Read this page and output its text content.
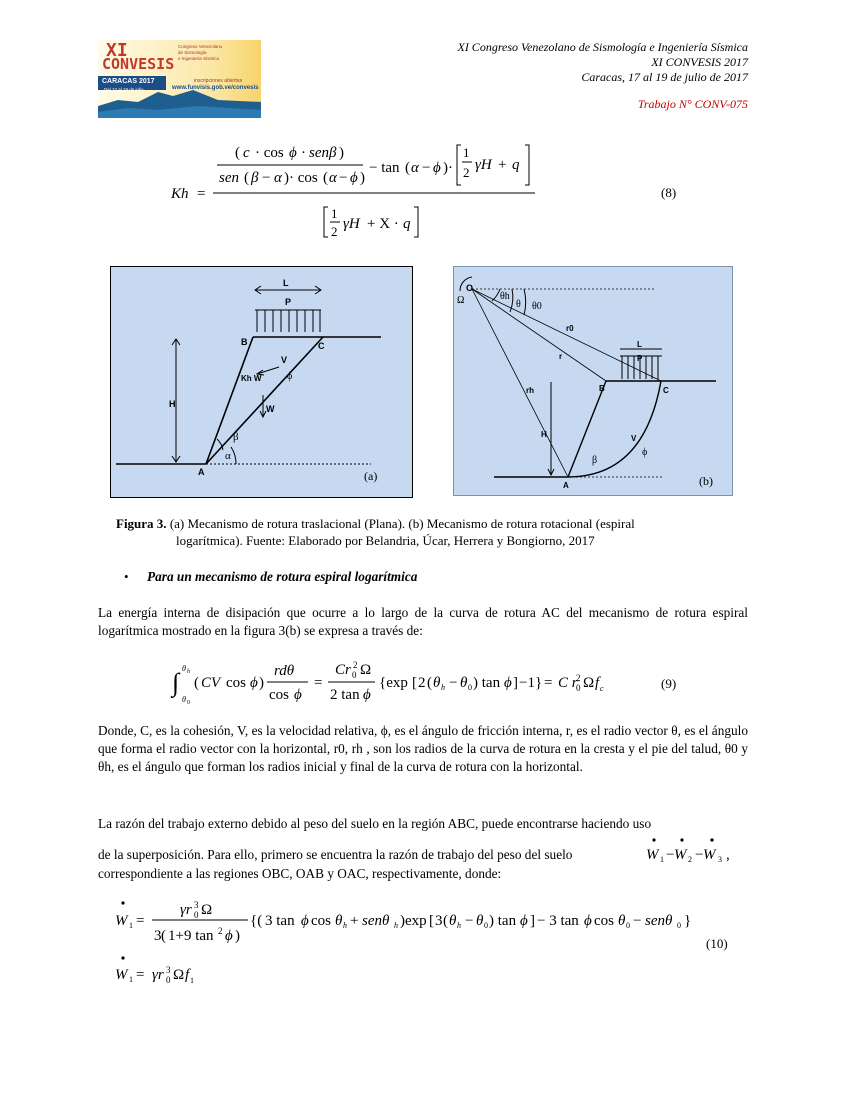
XI
CONVESIS
Congreso Venezolano
de Sismología
e Ingeniería Sísmica
CARACAS 2017
Del 17 al 19 de julio
inscripciones abiertas
www.funvisis.gob.ve/convesis
XI Congreso Venezolano de Sismología e Ingeniería Sísmica
XI CONVESIS 2017
Caracas, 17 al 19 de julio de 2017
Trabajo N° CONV-075
Kh =
( c · cos ϕ · senβ )
sen ( β − α )· cos ( α − ϕ )
− tan ( α − ϕ )·
1
2 γH + q
1
2 γH + Χ · q
(8)
L
P
B	C
V
ϕ
Kh W
W
H
β
α
A	(a)
O
Ω	θh
θ θ0
r0
r
rh
L
P
B	C
H	V
ϕ
β
A	(b)
Figura 3. (a) Mecanismo de rotura traslacional (Plana). (b) Mecanismo de rotura rotacional (espiral
logarítmica). Fuente: Elaborado por Belandria, Úcar, Herrera y Bongiorno, 2017
• Para un mecanismo de rotura espiral logarítmica
La energía interna de disipación que ocurre a lo largo de la curva de rotura AC del mecanismo de rotura espiral logarítmica mostrado en la figura 3(b) se expresa a través de:
∫ θ h
θ 0
( CV cos ϕ )
rdθ
cos ϕ
=
Cr 2
0 Ω
2 tan ϕ
{exp [ 2 ( θ h − θ 0 ) tan ϕ ] −1} = C r
2
0 Ω f c	(9)
Donde, C, es la cohesión, V, es la velocidad relativa, ϕ, es el ángulo de fricción interna, r, es el radio vector θ, es el ángulo que forma el radio vector con la horizontal, r0, rh , son los radios de la curva de rotura en la cresta y el pie del talud, θ0 y θh, es el ángulo que forman los radios inicial y final de la curva de rotura con la horizontal.
La razón del trabajo externo debido al peso del suelo en la región ABC, puede encontrarse haciendo uso
de la superposición. Para ello, primero se encuentra la razón de trabajo del peso del suelo	W 1 − W 2 − W 3 ,
correspondiente a las regiones OBC, OAB y OAC, respectivamente, donde:
W 1 =
γr 3
0 Ω
3 ( 1+9 tan 2 ϕ )
{( 3 tan ϕ cos θ h + senθ h )exp [ 3 ( θ h − θ 0 ) tan ϕ ] − 3 tan ϕ cos θ 0 − senθ 0 }
W 1 = γr 3
0 Ω f 1
(10)
